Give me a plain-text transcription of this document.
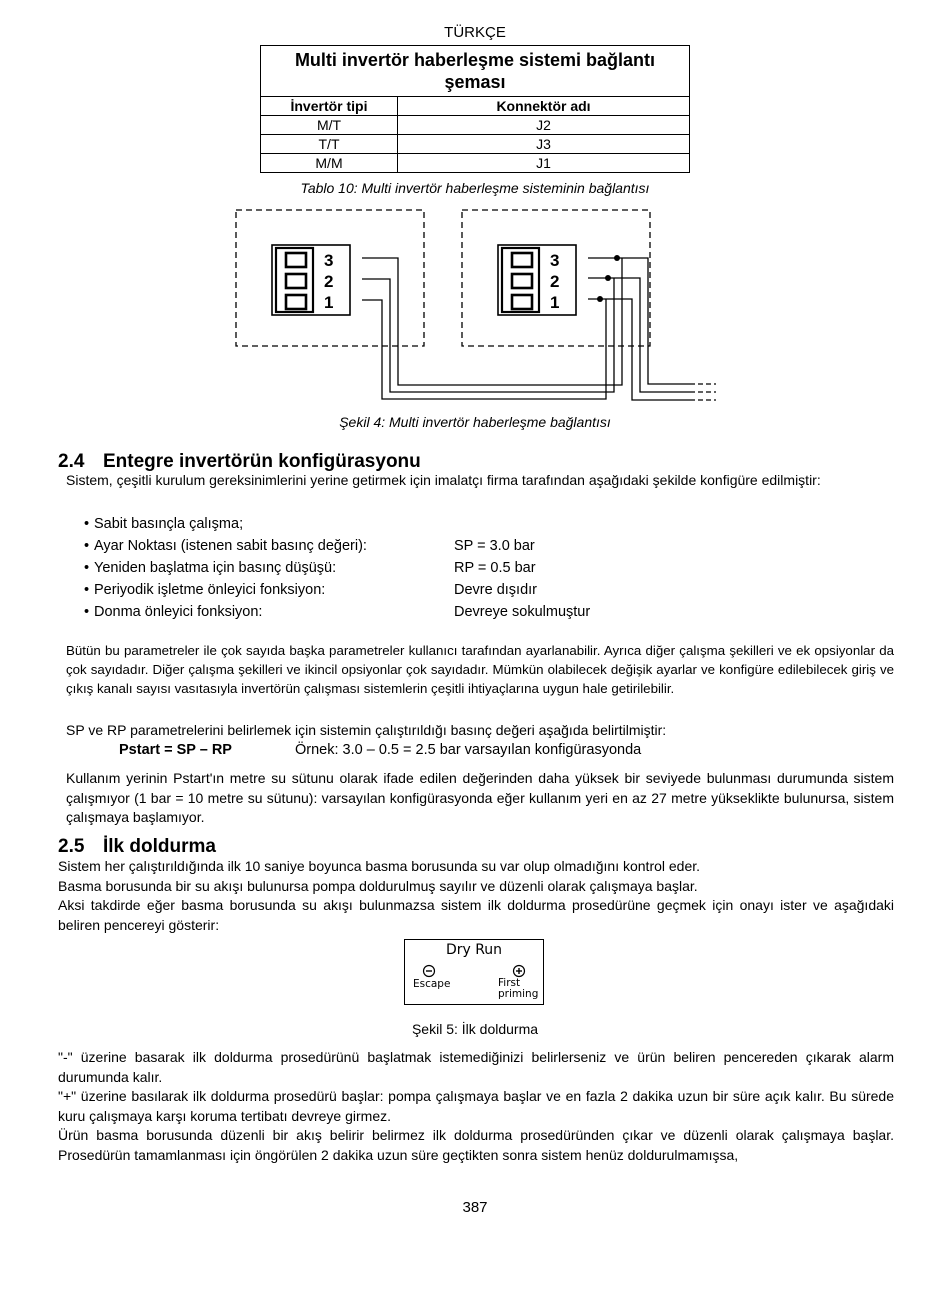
TÜRKÇE
Multi invertör haberleşme sistemi bağlantı şeması	
İnvertör tipi	Konnektör adı
M/T	J2
T/T	J3
M/M	J1
Tablo 10: Multi invertör haberleşme sisteminin bağlantısı
3
2
1
3
2
1
Şekil 4: Multi invertör haberleşme bağlantısı
2.4 Entegre invertörün konfigürasyonu
Sistem, çeşitli kurulum gereksinimlerini yerine getirmek için imalatçı firma tarafından aşağıdaki şekilde konfigüre edilmiştir:
• Sabit basınçla çalışma;
• Ayar Noktası (istenen sabit basınç değeri):	SP = 3.0 bar
• Yeniden başlatma için basınç düşüşü:	RP = 0.5 bar
• Periyodik işletme önleyici fonksiyon:	Devre dışıdır
• Donma önleyici fonksiyon:	Devreye sokulmuştur
Bütün bu parametreler ile çok sayıda başka parametreler kullanıcı tarafından ayarlanabilir. Ayrıca diğer çalışma şekilleri ve ek opsiyonlar da çok sayıdadır. Diğer çalışma şekilleri ve ikincil opsiyonlar çok sayıdadır. Mümkün olabilecek değişik ayarlar ve konfigüre edilebilecek giriş ve çıkış kanalı sayısı vasıtasıyla invertörün çalışması sistemlerin çeşitli ihtiyaçlarına uygun hale getirilebilir.
SP ve RP parametrelerini belirlemek için sistemin çalıştırıldığı basınç değeri aşağıda belirtilmiştir:
Pstart = SP – RP	Örnek: 3.0 – 0.5 = 2.5 bar varsayılan konfigürasyonda
Kullanım yerinin Pstart'ın metre su sütunu olarak ifade edilen değerinden daha yüksek bir seviyede bulunması durumunda sistem çalışmıyor (1 bar = 10 metre su sütunu): varsayılan konfigürasyonda eğer kullanım yeri en az 27 metre yükseklikte bulunursa, sistem çalışmaya başlamıyor.
2.5 İlk doldurma
Sistem her çalıştırıldığında ilk 10 saniye boyunca basma borusunda su var olup olmadığını kontrol eder.
Basma borusunda bir su akışı bulunursa pompa doldurulmuş sayılır ve düzenli olarak çalışmaya başlar.
Aksi takdirde eğer basma borusunda su akışı bulunmazsa sistem ilk doldurma prosedürüne geçmek için onayı ister ve aşağıdaki beliren pencereyi gösterir:
Dry Run
Escape	First
priming
Şekil 5: İlk doldurma
"-" üzerine basarak ilk doldurma prosedürünü başlatmak istemediğinizi belirlerseniz ve ürün beliren pencereden çıkarak alarm durumunda kalır.
"+" üzerine basılarak ilk doldurma prosedürü başlar: pompa çalışmaya başlar ve en fazla 2 dakika uzun bir süre açık kalır. Bu sürede kuru çalışmaya karşı koruma tertibatı devreye girmez.
Ürün basma borusunda düzenli bir akış belirir belirmez ilk doldurma prosedüründen çıkar ve düzenli olarak çalışmaya başlar. Prosedürün tamamlanması için öngörülen 2 dakika uzun süre geçtikten sonra sistem henüz doldurulmamışsa,
387
